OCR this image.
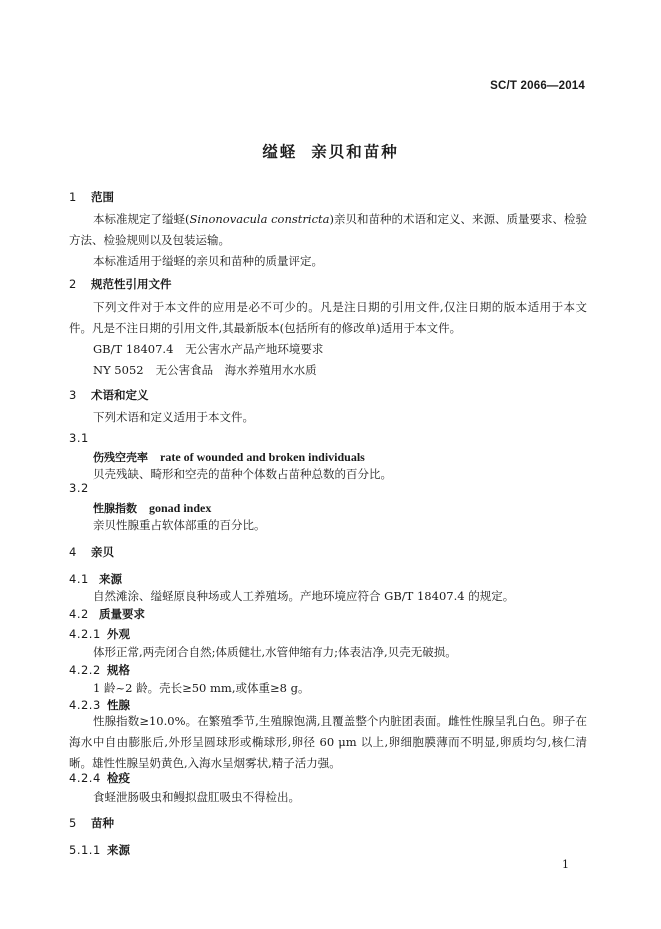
SC/T 2066—2014
缢蛏 亲贝和苗种
1 范围
本标准规定了缢蛏(Sinonovacula constricta)亲贝和苗种的术语和定义、来源、质量要求、检验方法、检验规则以及包装运输。
本标准适用于缢蛏的亲贝和苗种的质量评定。
2 规范性引用文件
下列文件对于本文件的应用是必不可少的。凡是注日期的引用文件,仅注日期的版本适用于本文件。凡是不注日期的引用文件,其最新版本(包括所有的修改单)适用于本文件。
GB/T 18407.4 无公害水产品产地环境要求
NY 5052 无公害食品　海水养殖用水水质
3 术语和定义
下列术语和定义适用于本文件。
3.1
伤残空壳率 rate of wounded and broken individuals
贝壳残缺、畸形和空壳的苗种个体数占苗种总数的百分比。
3.2
性腺指数 gonad index
亲贝性腺重占软体部重的百分比。
4 亲贝
4.1 来源
自然滩涂、缢蛏原良种场或人工养殖场。产地环境应符合 GB/T 18407.4 的规定。
4.2 质量要求
4.2.1 外观
体形正常,两壳闭合自然;体质健壮,水管伸缩有力;体表洁净,贝壳无破损。
4.2.2 规格
1 龄~2 龄。壳长≥50 mm,或体重≥8 g。
4.2.3 性腺
性腺指数≥10.0%。在繁殖季节,生殖腺饱满,且覆盖整个内脏团表面。雌性性腺呈乳白色。卵子在海水中自由膨胀后,外形呈圆球形或椭球形,卵径 60 μm 以上,卵细胞膜薄而不明显,卵质均匀,核仁清晰。雄性性腺呈奶黄色,入海水呈烟雾状,精子活力强。
4.2.4 检疫
食蛏泄肠吸虫和鳗拟盘肛吸虫不得检出。
5 苗种
5.1.1 来源
1
